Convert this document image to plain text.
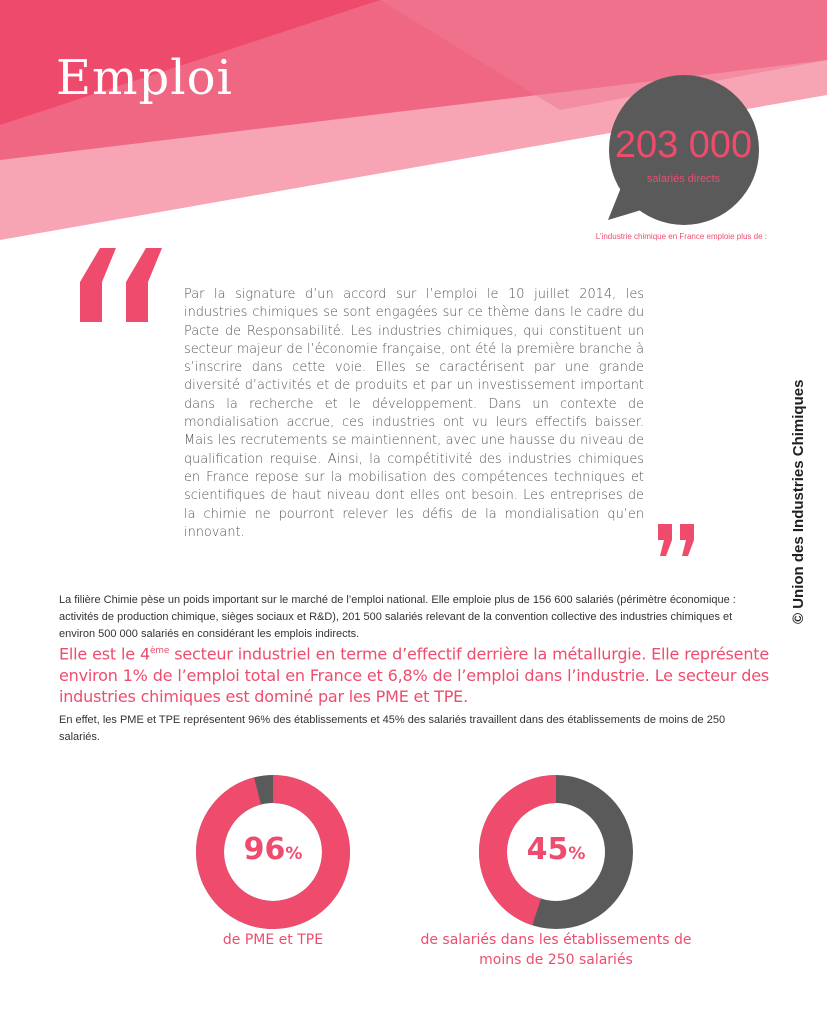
Emploi
203 000
salariés directs
L’industrie chimique en France emploie plus de :

Par la signature d’un accord sur l’emploi le 10 juillet 2014, les industries chimiques se sont engagées sur ce thème dans le cadre du Pacte de Responsabilité. Les industries chimiques, qui constituent un secteur majeur de l’économie française, ont été la première branche à s’inscrire dans cette voie. Elles se caractérisent par une grande diversité d’activités et de produits et par un investissement important dans la recherche et le développement. Dans un contexte de mondialisation accrue, ces industries ont vu leurs effectifs baisser. Mais les recrutements se maintiennent, avec une hausse du niveau de qualification requise. Ainsi, la compétitivité des industries chimiques en France repose sur la mobilisation des compétences techniques et scientifiques de haut niveau dont elles ont besoin. Les entreprises de la chimie ne pourront relever les défis de la mondialisation qu’en innovant.	© Union des Industries Chimiques

La filière Chimie pèse un poids important sur le marché de l’emploi national. Elle emploie plus de 156 600 salariés (périmètre économique : activités de production chimique, sièges sociaux et R&D), 201 500 salariés relevant de la convention collective des industries chimiques et environ 500 000 salariés en considérant les emplois indirects.

Elle est le 4ème secteur industriel en terme d’effectif derrière la métallurgie. Elle représente environ 1% de l’emploi total en France et 6,8% de l’emploi dans l’industrie. Le secteur des industries chimiques est dominé par les PME et TPE.

En effet, les PME et TPE représentent 96% des établissements et 45% des salariés travaillent dans des établissements de moins de 250 salariés.

96%
de PME et TPE
45%
de salariés dans les établissements de moins de 250 salariés
